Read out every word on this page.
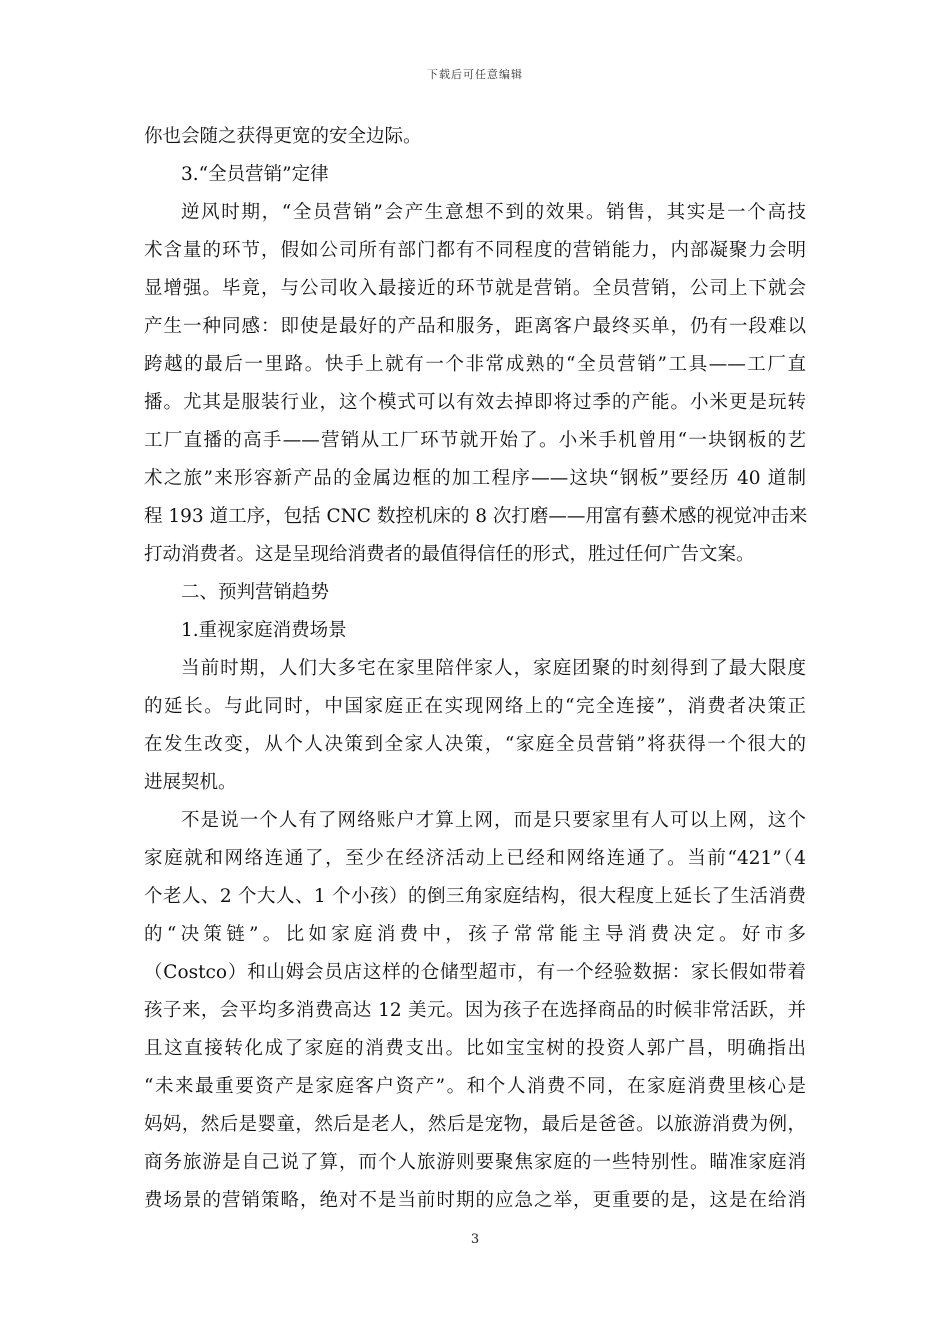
下载后可任意编辑
你也会随之获得更宽的安全边际。
3.“全员营销”定律
逆风时期，“全员营销”会产生意想不到的效果。销售，其实是一个高技
术含量的环节，假如公司所有部门都有不同程度的营销能力，内部凝聚力会明
显增强。毕竟，与公司收入最接近的环节就是营销。全员营销，公司上下就会
产生一种同感：即使是最好的产品和服务，距离客户最终买单，仍有一段难以
跨越的最后一里路。快手上就有一个非常成熟的“全员营销”工具——工厂直
播。尤其是服装行业，这个模式可以有效去掉即将过季的产能。小米更是玩转
工厂直播的高手——营销从工厂环节就开始了。小米手机曾用“一块钢板的艺
术之旅”来形容新产品的金属边框的加工程序——这块“钢板”要经历 40 道制
程 193 道工序，包括 CNC 数控机床的 8 次打磨——用富有藝术感的视觉冲击来
打动消费者。这是呈现给消费者的最值得信任的形式，胜过任何广告文案。
二、预判营销趋势
1.重视家庭消费场景
当前时期，人们大多宅在家里陪伴家人，家庭团聚的时刻得到了最大限度
的延长。与此同时，中国家庭正在实现网络上的“完全连接”，消费者决策正
在发生改变，从个人决策到全家人决策，“家庭全员营销”将获得一个很大的
进展契机。
不是说一个人有了网络账户才算上网，而是只要家里有人可以上网，这个
家庭就和网络连通了，至少在经济活动上已经和网络连通了。当前“421”（4
个老人、2 个大人、1 个小孩）的倒三角家庭结构，很大程度上延长了生活消费
的“决策链”。比如家庭消费中，孩子常常能主导消费决定。好市多
（Costco）和山姆会员店这样的仓储型超市，有一个经验数据：家长假如带着
孩子来，会平均多消费高达 12 美元。因为孩子在选择商品的时候非常活跃，并
且这直接转化成了家庭的消费支出。比如宝宝树的投资人郭广昌，明确指出
“未来最重要资产是家庭客户资产”。和个人消费不同，在家庭消费里核心是
妈妈，然后是婴童，然后是老人，然后是宠物，最后是爸爸。以旅游消费为例，
商务旅游是自己说了算，而个人旅游则要聚焦家庭的一些特别性。瞄准家庭消
费场景的营销策略，绝对不是当前时期的应急之举，更重要的是，这是在给消
3
